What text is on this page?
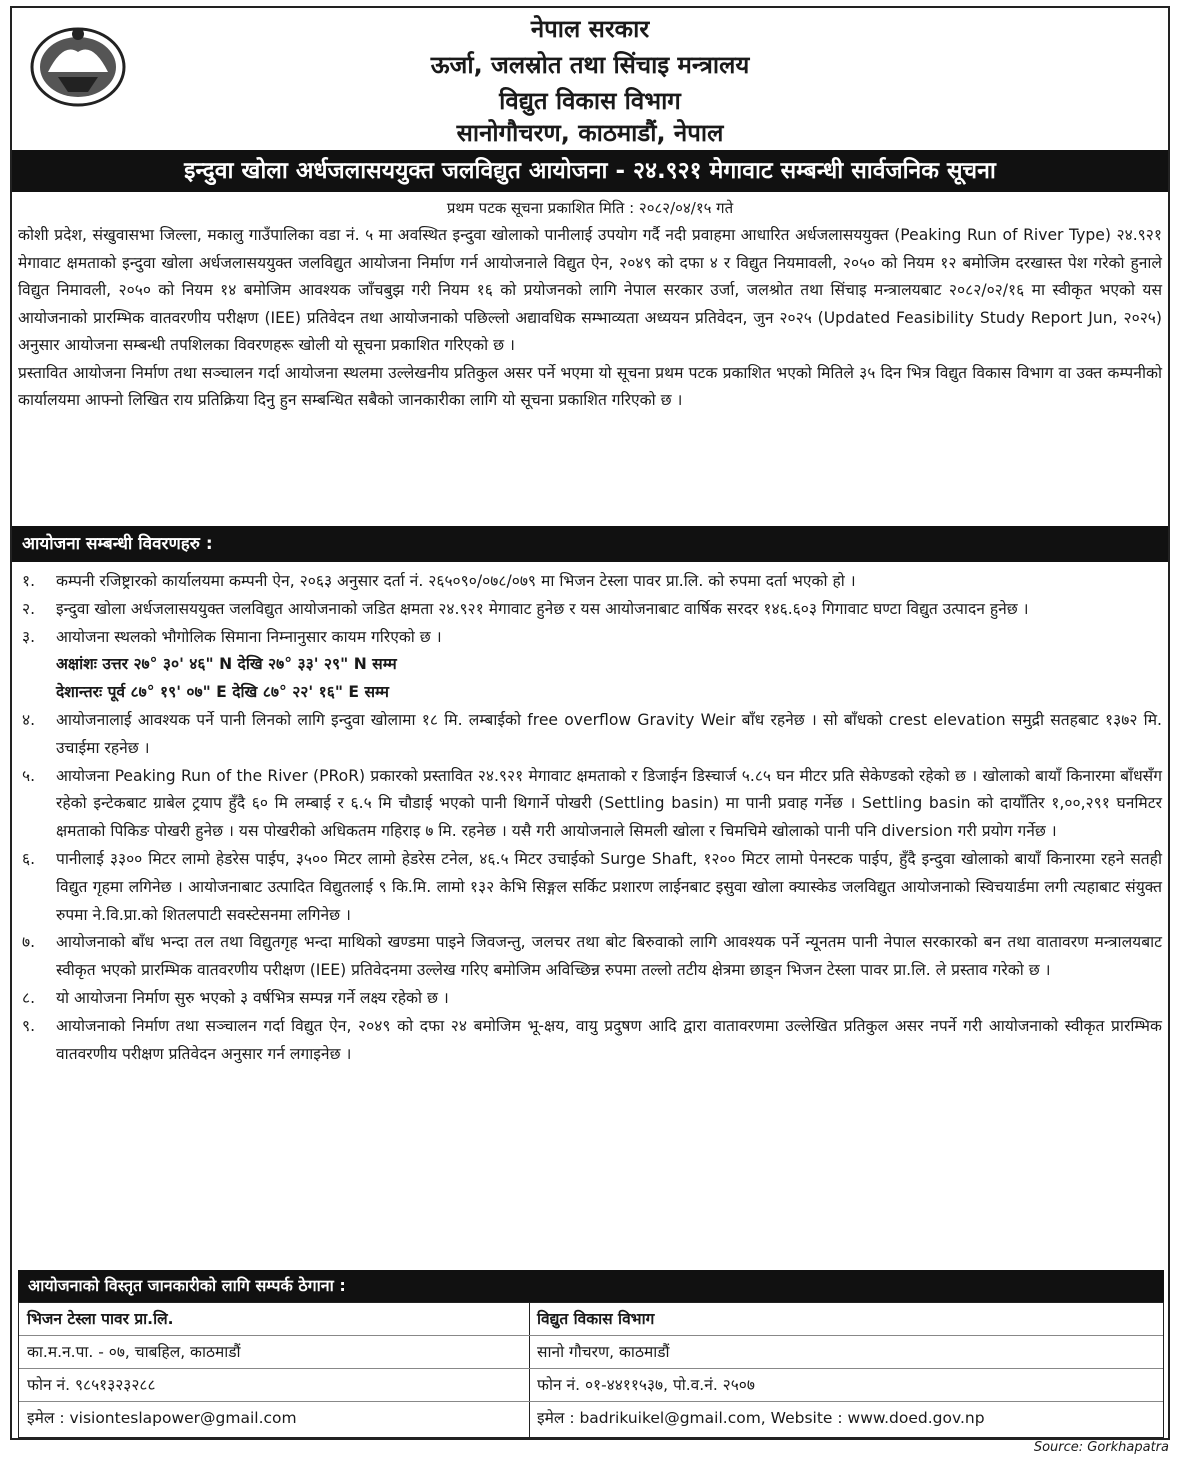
नेपाल सरकार
ऊर्जा, जलस्रोत तथा सिंचाइ मन्त्रालय
विद्युत विकास विभाग
सानोगौचरण, काठमाडौं, नेपाल
इन्दुवा खोला अर्धजलासययुक्त जलविद्युत आयोजना - २४.९२१ मेगावाट सम्बन्धी सार्वजनिक सूचना
प्रथम पटक सूचना प्रकाशित मिति : २०८२/०४/१५ गते

कोशी प्रदेश, संखुवासभा जिल्ला, मकालु गाउँपालिका वडा नं. ५ मा अवस्थित इन्दुवा खोलाको पानीलाई उपयोग गर्दै नदी प्रवाहमा आधारित अर्धजलासययुक्त (Peaking Run of River Type) २४.९२१ मेगावाट क्षमताको इन्दुवा खोला अर्धजलासययुक्त जलविद्युत आयोजना निर्माण गर्न आयोजनाले विद्युत ऐन, २०४९ को दफा ४ र विद्युत नियमावली, २०५० को नियम १२ बमोजिम दरखास्त पेश गरेको हुनाले विद्युत निमावली, २०५० को नियम १४ बमोजिम आवश्यक जाँचबुझ गरी नियम १६ को प्रयोजनको लागि नेपाल सरकार उर्जा, जलश्रोत तथा सिंचाइ मन्त्रालयबाट २०८२/०२/१६ मा स्वीकृत भएको यस आयोजनाको प्रारम्भिक वातवरणीय परीक्षण (IEE) प्रतिवेदन तथा आयोजनाको पछिल्लो अद्यावधिक सम्भाव्यता अध्ययन प्रतिवेदन, जुन २०२५ (Updated Feasibility Study Report Jun, २०२५) अनुसार आयोजना सम्बन्धी तपशिलका विवरणहरू खोली यो सूचना प्रकाशित गरिएको छ ।

प्रस्तावित आयोजना निर्माण तथा सञ्चालन गर्दा आयोजना स्थलमा उल्लेखनीय प्रतिकुल असर पर्ने भएमा यो सूचना प्रथम पटक प्रकाशित भएको मितिले ३५ दिन भित्र विद्युत विकास विभाग वा उक्त कम्पनीको कार्यालयमा आफ्नो लिखित राय प्रतिक्रिया दिनु हुन सम्बन्धित सबैको जानकारीका लागि यो सूचना प्रकाशित गरिएको छ ।

आयोजना सम्बन्धी विवरणहरु :
१. कम्पनी रजिष्ट्रारको कार्यालयमा कम्पनी ऐन, २०६३ अनुसार दर्ता नं. २६५०९०/०७८/०७९ मा भिजन टेस्ला पावर प्रा.लि. को रुपमा दर्ता भएको हो ।
२. इन्दुवा खोला अर्धजलासययुक्त जलविद्युत आयोजनाको जडित क्षमता २४.९२१ मेगावाट हुनेछ र यस आयोजनाबाट वार्षिक सरदर १४६.६०३ गिगावाट घण्टा विद्युत उत्पादन हुनेछ ।
३. आयोजना स्थलको भौगोलिक सिमाना निम्नानुसार कायम गरिएको छ ।
अक्षांशः उत्तर २७° ३०' ४६" N देखि २७° ३३' २९" N सम्म
देशान्तरः पूर्व ८७° १९' ०७" E देखि ८७° २२' १६" E सम्म
४. आयोजनालाई आवश्यक पर्ने पानी लिनको लागि इन्दुवा खोलामा १८ मि. लम्बाईको free overflow Gravity Weir बाँध रहनेछ । सो बाँधको crest elevation समुद्री सतहबाट १३७२ मि. उचाईमा रहनेछ ।
५. आयोजना Peaking Run of the River (PRoR) प्रकारको प्रस्तावित २४.९२१ मेगावाट क्षमताको र डिजाईन डिस्चार्ज ५.८५ घन मीटर प्रति सेकेण्डको रहेको छ । खोलाको बायाँ किनारमा बाँधसँग रहेको इन्टेकबाट ग्राबेल ट्रयाप हुँदै ६० मि लम्बाई र ६.५ मि चौडाई भएको पानी थिगार्ने पोखरी (Settling basin) मा पानी प्रवाह गर्नेछ । Settling basin को दायाँतिर १,००,२९१ घनमिटर क्षमताको पिकिङ पोखरी हुनेछ । यस पोखरीको अधिकतम गहिराइ ७ मि. रहनेछ । यसै गरी आयोजनाले सिमली खोला र चिमचिमे खोलाको पानी पनि diversion गरी प्रयोग गर्नेछ ।
६. पानीलाई ३३०० मिटर लामो हेडरेस पाईप, ३५०० मिटर लामो हेडरेस टनेल, ४६.५ मिटर उचाईको Surge Shaft, १२०० मिटर लामो पेनस्टक पाईप, हुँदै इन्दुवा खोलाको बायाँ किनारमा रहने सतही विद्युत गृहमा लगिनेछ । आयोजनाबाट उत्पादित विद्युतलाई ९ कि.मि. लामो १३२ केभि सिङ्गल सर्किट प्रशारण लाईनबाट इसुवा खोला क्यास्केड जलविद्युत आयोजनाको स्विचयार्डमा लगी त्यहाबाट संयुक्त रुपमा ने.वि.प्रा.को शितलपाटी सवस्टेसनमा लगिनेछ ।
७. आयोजनाको बाँध भन्दा तल तथा विद्युतगृह भन्दा माथिको खण्डमा पाइने जिवजन्तु, जलचर तथा बोट बिरुवाको लागि आवश्यक पर्ने न्यूनतम पानी नेपाल सरकारको बन तथा वातावरण मन्त्रालयबाट स्वीकृत भएको प्रारम्भिक वातवरणीय परीक्षण (IEE) प्रतिवेदनमा उल्लेख गरिए बमोजिम अविच्छिन्न रुपमा तल्लो तटीय क्षेत्रमा छाड्न भिजन टेस्ला पावर प्रा.लि. ले प्रस्ताव गरेको छ ।
८. यो आयोजना निर्माण सुरु भएको ३ वर्षभित्र सम्पन्न गर्ने लक्ष्य रहेको छ ।
९. आयोजनाको निर्माण तथा सञ्चालन गर्दा विद्युत ऐन, २०४९ को दफा २४ बमोजिम भू-क्षय, वायु प्रदुषण आदि द्वारा वातावरणमा उल्लेखित प्रतिकुल असर नपर्ने गरी आयोजनाको स्वीकृत प्रारम्भिक वातवरणीय परीक्षण प्रतिवेदन अनुसार गर्न लगाइनेछ ।
आयोजनाको विस्तृत जानकारीको लागि सम्पर्क ठेगाना :
भिजन टेस्ला पावर प्रा.लि.
का.म.न.पा. - ०७, चाबहिल, काठमाडौं
फोन नं. ९८५१३२३२८८
इमेल : visionteslapower@gmail.com
विद्युत विकास विभाग
सानो गौचरण, काठमाडौं
फोन नं. ०१-४४११५३७, पो.व.नं. २५०७
इमेल : badrikuikel@gmail.com, Website : www.doed.gov.np
Source: Gorkhapatra
